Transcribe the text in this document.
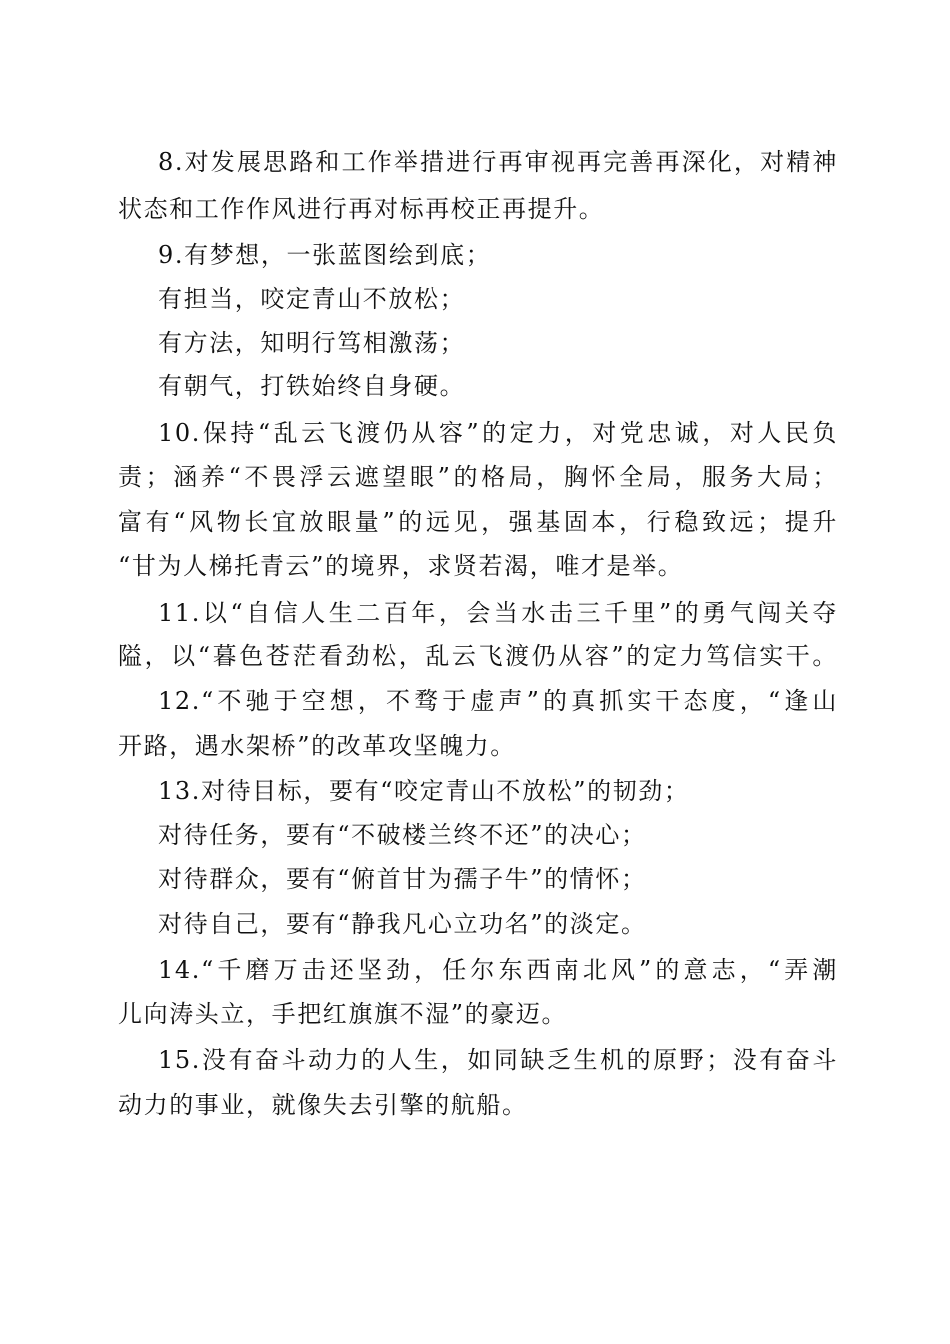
8.对发展思路和工作举措进行再审视再完善再深化，对精神
状态和工作作风进行再对标再校正再提升。
9.有梦想，一张蓝图绘到底；
有担当，咬定青山不放松；
有方法，知明行笃相激荡；
有朝气，打铁始终自身硬。
10.保持“乱云飞渡仍从容”的定力，对党忠诚，对人民负
责；涵养“不畏浮云遮望眼”的格局，胸怀全局，服务大局；
富有“风物长宜放眼量”的远见，强基固本，行稳致远；提升
“甘为人梯托青云”的境界，求贤若渴，唯才是举。
11.以“自信人生二百年，会当水击三千里”的勇气闯关夺
隘，以“暮色苍茫看劲松，乱云飞渡仍从容”的定力笃信实干。
12.“不驰于空想，不骛于虚声”的真抓实干态度，“逢山
开路，遇水架桥”的改革攻坚魄力。
13.对待目标，要有“咬定青山不放松”的韧劲；
对待任务，要有“不破楼兰终不还”的决心；
对待群众，要有“俯首甘为孺子牛”的情怀；
对待自己，要有“静我凡心立功名”的淡定。
14.“千磨万击还坚劲，任尔东西南北风”的意志，“弄潮
儿向涛头立，手把红旗旗不湿”的豪迈。
15.没有奋斗动力的人生，如同缺乏生机的原野；没有奋斗
动力的事业，就像失去引擎的航船。
